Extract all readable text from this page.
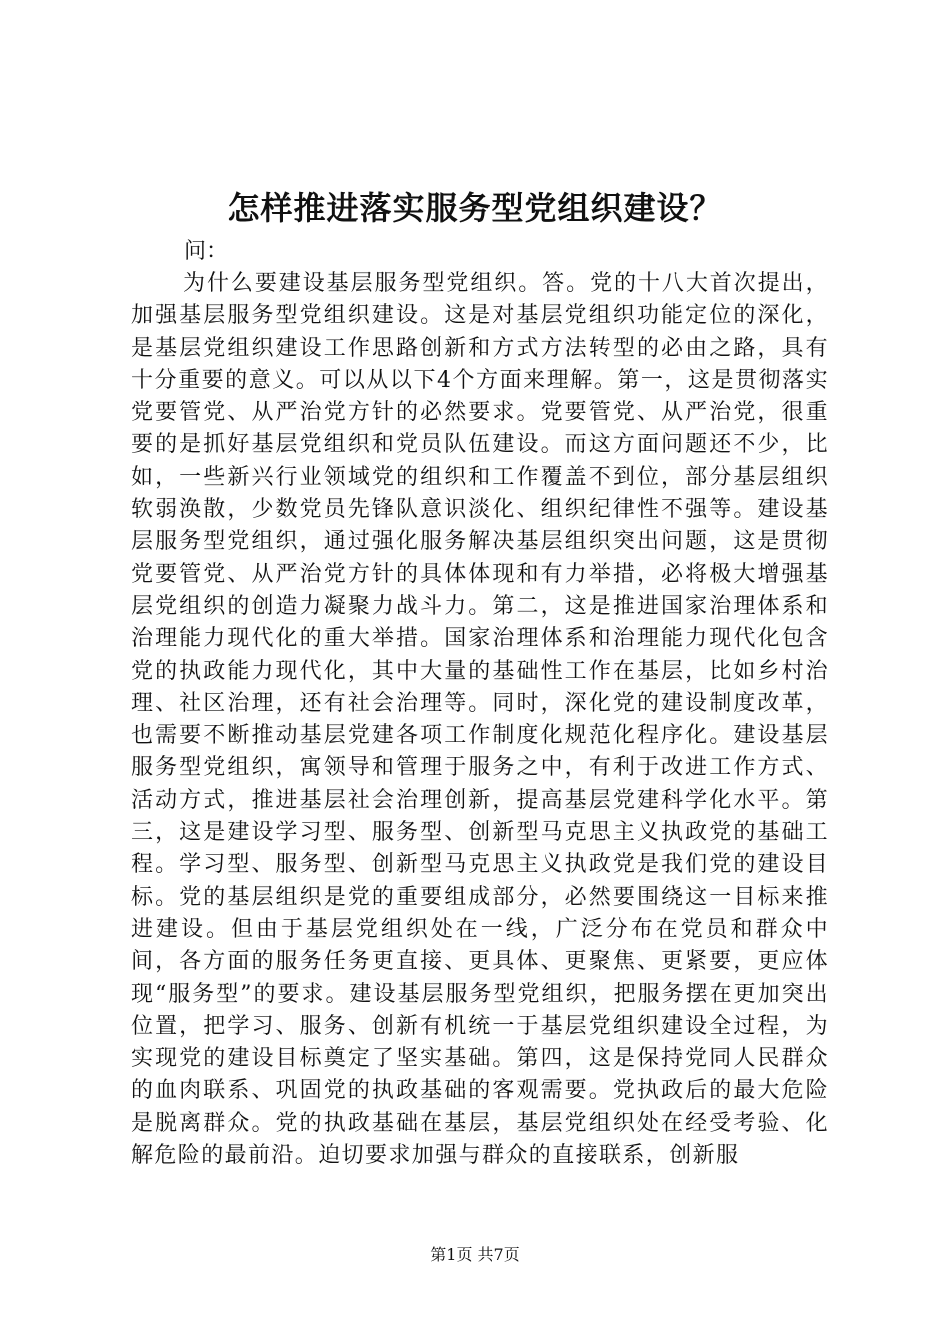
怎样推进落实服务型党组织建设？

问：

为什么要建设基层服务型党组织。答。党的十八大首次提出，加强基层服务型党组织建设。这是对基层党组织功能定位的深化，是基层党组织建设工作思路创新和方式方法转型的必由之路，具有十分重要的意义。可以从以下4个方面来理解。第一，这是贯彻落实党要管党、从严治党方针的必然要求。党要管党、从严治党，很重要的是抓好基层党组织和党员队伍建设。而这方面问题还不少，比如，一些新兴行业领域党的组织和工作覆盖不到位，部分基层组织软弱涣散，少数党员先锋队意识淡化、组织纪律性不强等。建设基层服务型党组织，通过强化服务解决基层组织突出问题，这是贯彻党要管党、从严治党方针的具体体现和有力举措，必将极大增强基层党组织的创造力凝聚力战斗力。第二，这是推进国家治理体系和治理能力现代化的重大举措。国家治理体系和治理能力现代化包含党的执政能力现代化，其中大量的基础性工作在基层，比如乡村治理、社区治理，还有社会治理等。同时，深化党的建设制度改革，也需要不断推动基层党建各项工作制度化规范化程序化。建设基层服务型党组织，寓领导和管理于服务之中，有利于改进工作方式、活动方式，推进基层社会治理创新，提高基层党建科学化水平。第三，这是建设学习型、服务型、创新型马克思主义执政党的基础工程。学习型、服务型、创新型马克思主义执政党是我们党的建设目标。党的基层组织是党的重要组成部分，必然要围绕这一目标来推进建设。但由于基层党组织处在一线，广泛分布在党员和群众中间，各方面的服务任务更直接、更具体、更聚焦、更紧要，更应体现“服务型”的要求。建设基层服务型党组织，把服务摆在更加突出位置，把学习、服务、创新有机统一于基层党组织建设全过程，为实现党的建设目标奠定了坚实基础。第四，这是保持党同人民群众的血肉联系、巩固党的执政基础的客观需要。党执政后的最大危险是脱离群众。党的执政基础在基层，基层党组织处在经受考验、化解危险的最前沿。迫切要求加强与群众的直接联系，创新服

第1页 共7页
